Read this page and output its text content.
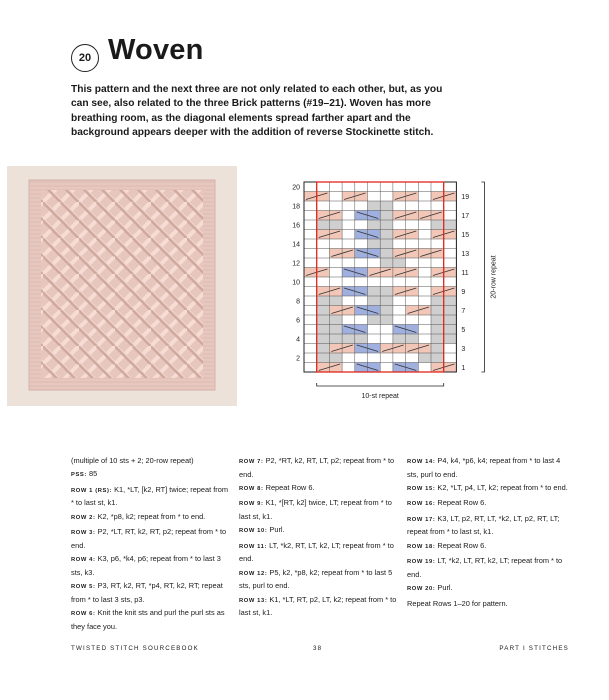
20 Woven
This pattern and the next three are not only related to each other, but, as you can see, also related to the three Brick patterns (#19–21). Woven has more breathing room, as the diagonal elements spread farther apart and the background appears deeper with the addition of reverse Stockinette stitch.
20
18
16
14
12
10
8
6
4
2
19
17
15
13
11
9
7
5
3
1
10-st repeat
20-row repeat

(multiple of 10 sts + 2; 20-row repeat)

PSS: 85

ROW 1 (RS): K1, *LT, [k2, RT] twice; repeat from * to last st, k1.

ROW 2: K2, *p8, k2; repeat from * to end.

ROW 3: P2, *LT, RT, k2, RT, p2; repeat from * to end.

ROW 4: K3, p6, *k4, p6; repeat from * to last 3 sts, k3.

ROW 5: P3, RT, k2, RT, *p4, RT, k2, RT; repeat from * to last 3 sts, p3.

ROW 6: Knit the knit sts and purl the purl sts as they face you.

ROW 7: P2, *RT, k2, RT, LT, p2; repeat from * to end.

ROW 8: Repeat Row 6.

ROW 9: K1, *[RT, k2] twice, LT; repeat from * to last st, k1.

ROW 10: Purl.

ROW 11: LT, *k2, RT, LT, k2, LT; repeat from * to end.

ROW 12: P5, k2, *p8, k2; repeat from * to last 5 sts, purl to end.

ROW 13: K1, *LT, RT, p2, LT, k2; repeat from * to last st, k1.

ROW 14: P4, k4, *p6, k4; repeat from * to last 4 sts, purl to end.

ROW 15: K2, *LT, p4, LT, k2; repeat from * to end.

ROW 16: Repeat Row 6.

ROW 17: K3, LT, p2, RT, LT, *k2, LT, p2, RT, LT; repeat from * to last st, k1.

ROW 18: Repeat Row 6.

ROW 19: LT, *k2, LT, RT, k2, LT; repeat from * to end.

ROW 20: Purl.

Repeat Rows 1–20 for pattern.

TWISTED STITCH SOURCEBOOK	38	PART I STITCHES
